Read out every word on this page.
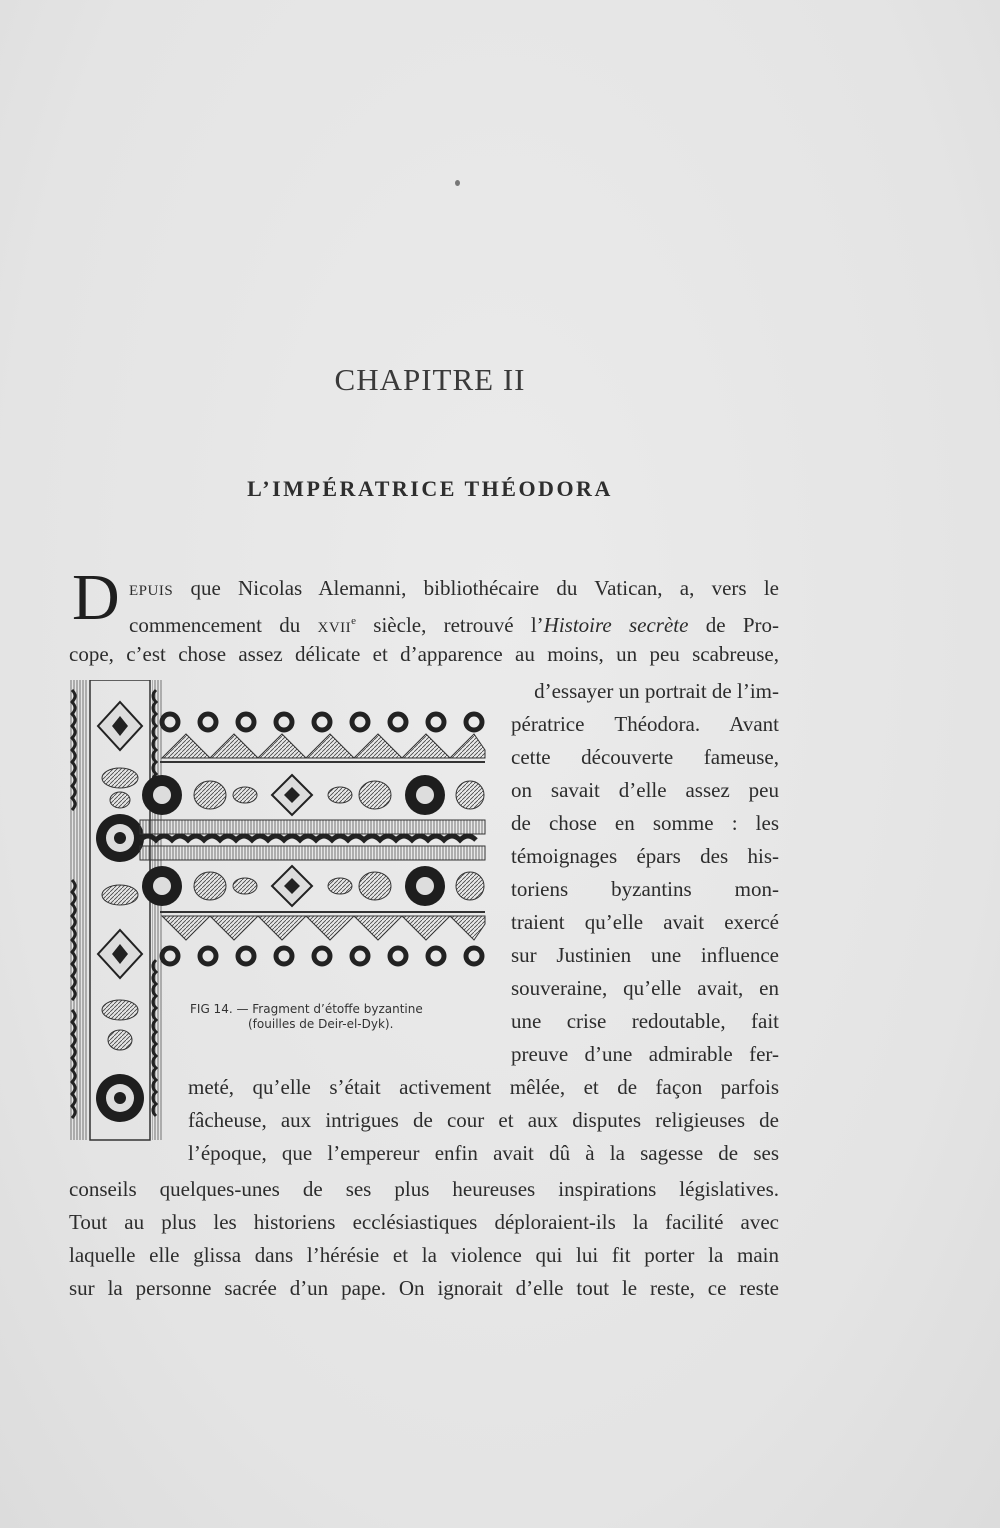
CHAPITRE II
L’IMPÉRATRICE THÉODORA
D EPUIS que Nicolas Alemanni, bibliothécaire du Vatican, a, vers le
commencement du XVIIe siècle, retrouvé l’Histoire secrète de Pro-
cope, c’est chose assez délicate et d’apparence au moins, un peu scabreuse,
d’essayer un portrait de l’im-
pératrice Théodora. Avant
cette découverte fameuse,
on savait d’elle assez peu
de chose en somme : les
témoignages épars des his-
toriens byzantins mon-
traient qu’elle avait exercé
sur Justinien une influence
souveraine, qu’elle avait, en
une crise redoutable, fait
preuve d’une admirable fer-
meté, qu’elle s’était activement mêlée, et de façon parfois
fâcheuse, aux intrigues de cour et aux disputes religieuses de
l’époque, que l’empereur enfin avait dû à la sagesse de ses
conseils quelques-unes de ses plus heureuses inspirations législatives.
Tout au plus les historiens ecclésiastiques déploraient-ils la facilité avec
laquelle elle glissa dans l’hérésie et la violence qui lui fit porter la main
sur la personne sacrée d’un pape. On ignorait d’elle tout le reste, ce reste
FIG 14. — Fragment d’étoffe byzantine
(fouilles de Deir-el-Dyk).
